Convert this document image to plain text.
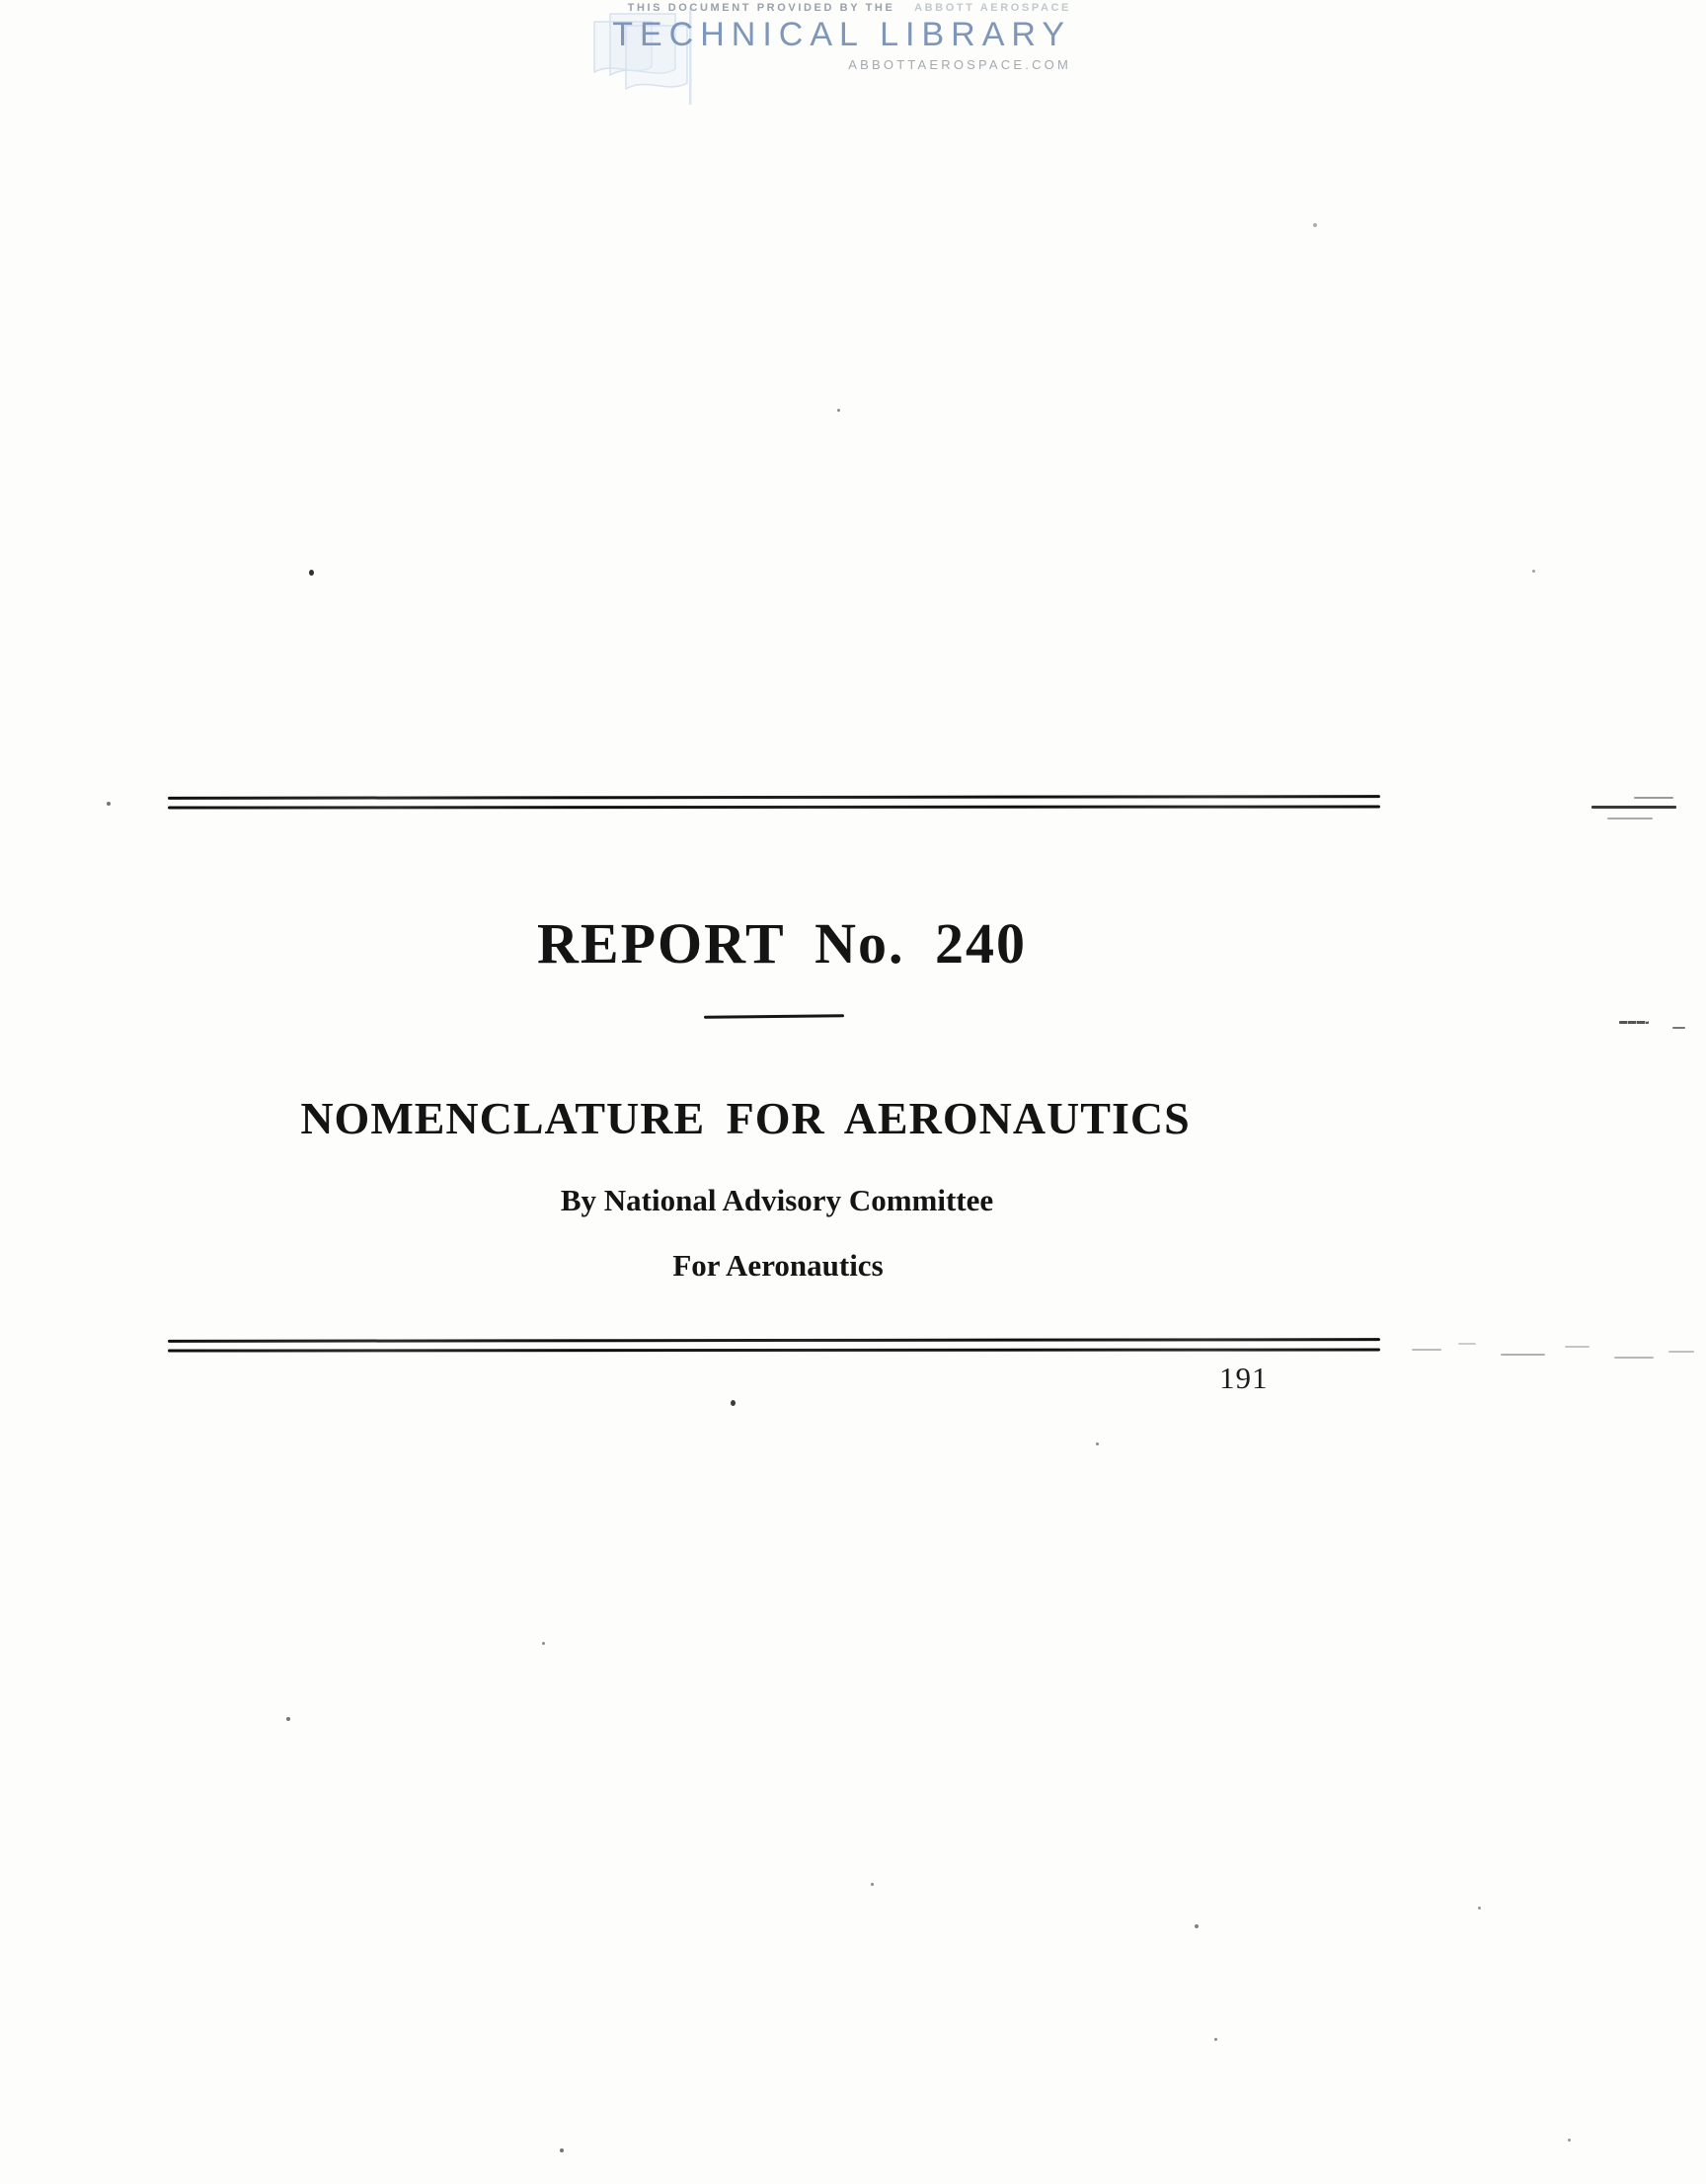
THIS DOCUMENT PROVIDED BY THE ABBOTT AEROSPACE
TECHNICAL LIBRARY
ABBOTTAEROSPACE.COM
REPORT No. 240
NOMENCLATURE FOR AERONAUTICS
By National Advisory Committee
For Aeronautics
191
